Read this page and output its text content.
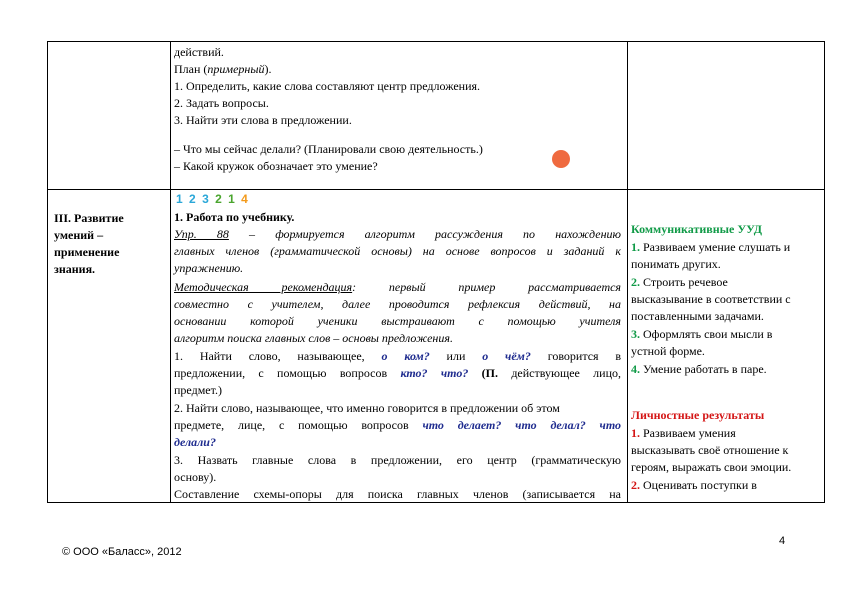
действий.
План (примерный).
1. Определить, какие слова составляют центр предложения.
2. Задать вопросы.
3. Найти эти слова в предложении.
– Что мы сейчас делали? (Планировали свою деятельность.)
– Какой кружок обозначает это умение?
III. Развитие
умений –
применение
знания.
1 2 3 2 1 4
1. Работа по учебнику.
Упр. 88 – формируется алгоритм рассуждения по нахождению
главных членов (грамматической основы) на основе вопросов и заданий к
упражнению.
Методическая рекомендация: первый пример рассматривается
совместно с учителем, далее проводится рефлексия действий, на
основании которой ученики выстраивают с помощью учителя
алгоритм поиска главных слов – основы предложения.
1. Найти слово, называющее, о ком? или о чём? говорится в
предложении, с помощью вопросов кто? что? (П. действующее лицо,
предмет.)
2. Найти слово, называющее, что именно говорится в предложении об этом
предмете, лице, с помощью вопросов что делает? что делал? что
делали?
3. Назвать главные слова в предложении, его центр (грамматическую
основу).
Составление схемы-опоры для поиска главных членов (записывается на
Коммуникативные УУД
1. Развиваем умение слушать и
понимать других.
2. Строить речевое
высказывание в соответствии с
поставленными задачами.
3. Оформлять свои мысли в
устной форме.
4. Умение работать в паре.
Личностные результаты
1. Развиваем умения
высказывать своё отношение к
героям, выражать свои эмоции.
2. Оценивать поступки в
4
© ООО «Баласс», 2012
